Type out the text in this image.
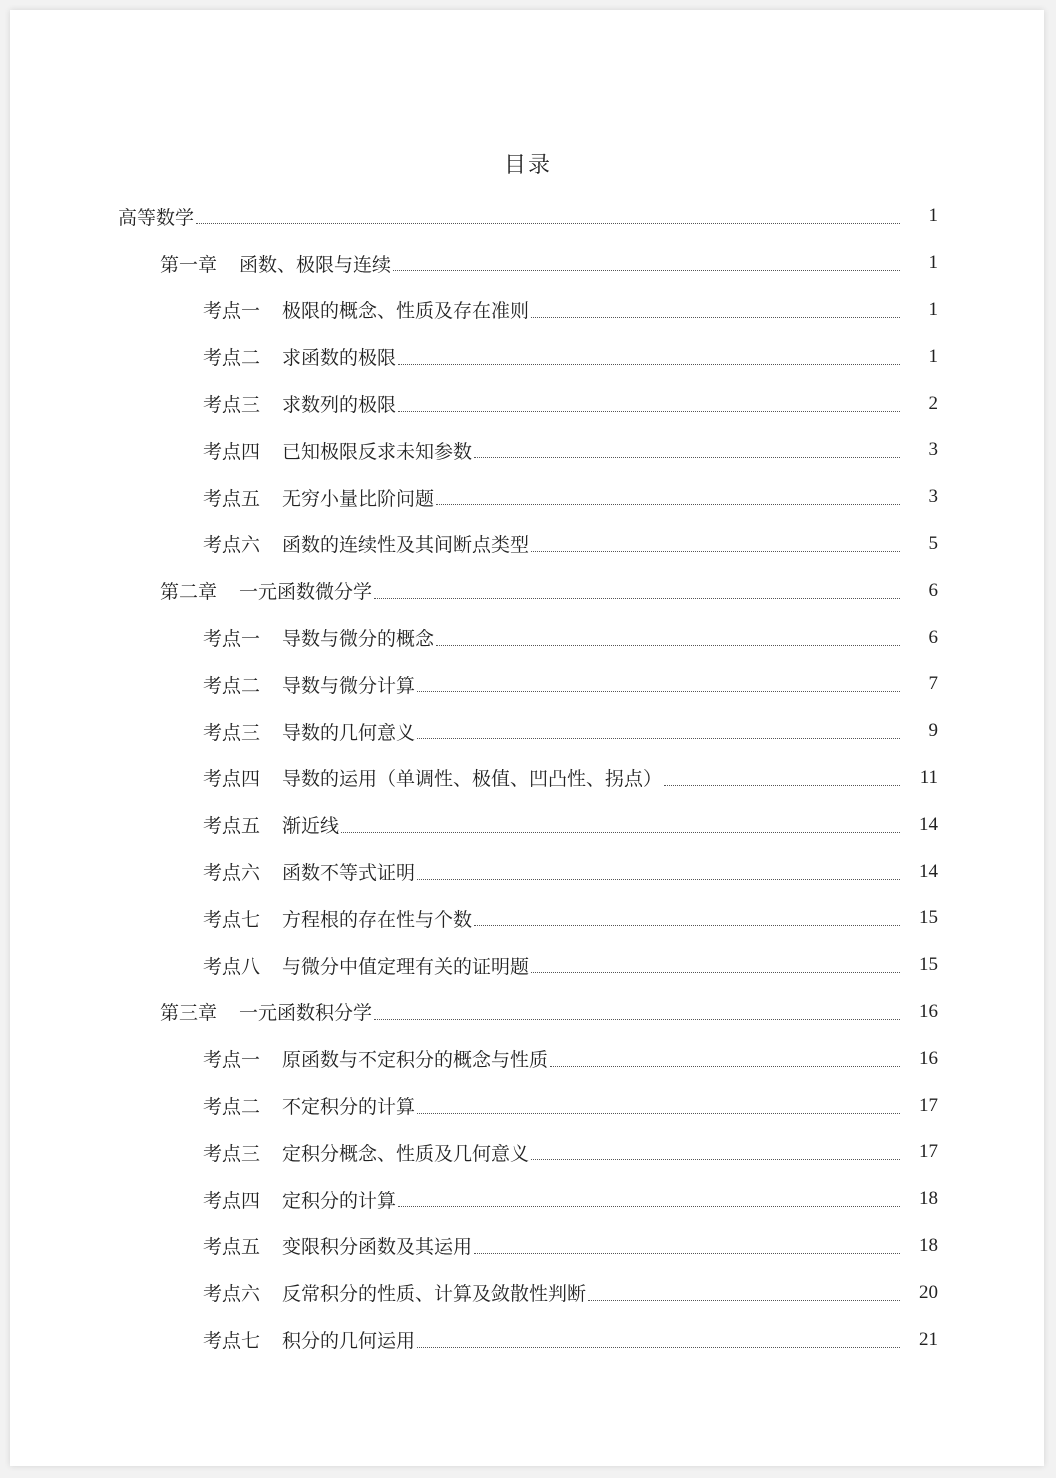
目录
高等数学	1
第一章 函数、极限与连续	1
考点一 极限的概念、性质及存在准则	1
考点二 求函数的极限	1
考点三 求数列的极限	2
考点四 已知极限反求未知参数	3
考点五 无穷小量比阶问题	3
考点六 函数的连续性及其间断点类型	5
第二章 一元函数微分学	6
考点一 导数与微分的概念	6
考点二 导数与微分计算	7
考点三 导数的几何意义	9
考点四 导数的运用（单调性、极值、凹凸性、拐点）	11
考点五 渐近线	14
考点六 函数不等式证明	14
考点七 方程根的存在性与个数	15
考点八 与微分中值定理有关的证明题	15
第三章 一元函数积分学	16
考点一 原函数与不定积分的概念与性质	16
考点二 不定积分的计算	17
考点三 定积分概念、性质及几何意义	17
考点四 定积分的计算	18
考点五 变限积分函数及其运用	18
考点六 反常积分的性质、计算及敛散性判断	20
考点七 积分的几何运用	21
